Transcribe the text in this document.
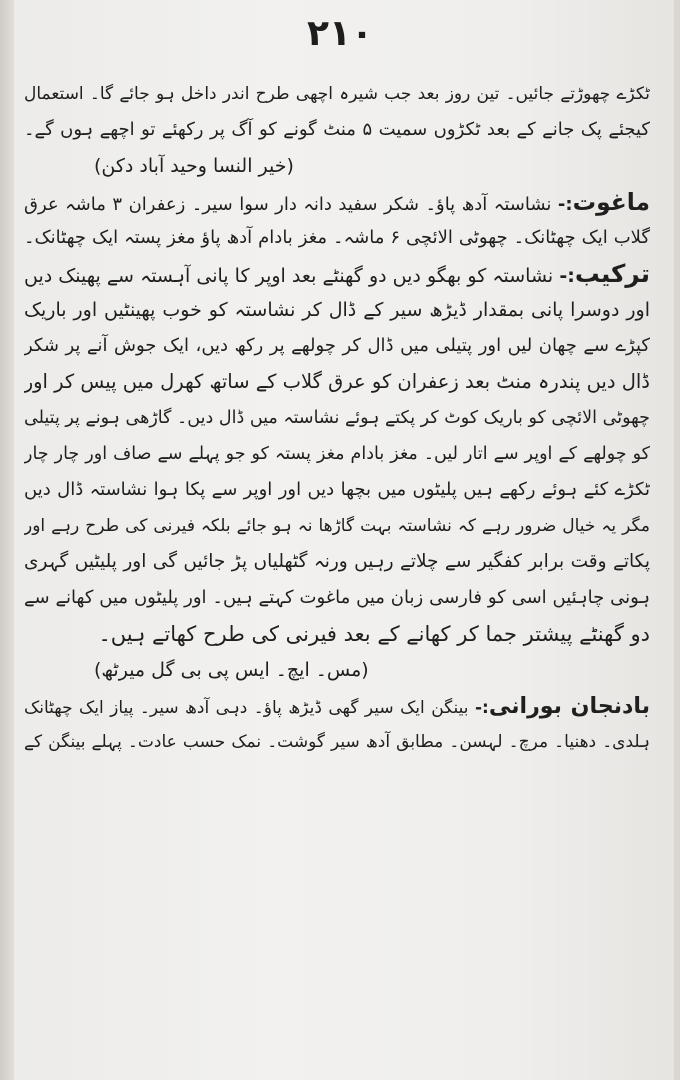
۲۱۰
ٹکڑے چھوڑتے جائیں۔ تین روز بعد جب شیرہ اچھی طرح اندر داخل ہو جائے گا۔ استعمال
کیجئے پک جانے کے بعد ٹکڑوں سمیت ۵ منٹ گونے کو آگ پر رکھئے تو اچھے ہوں گے۔
(خیر النسا وحید آباد دکن)
ماغوت:- نشاستہ آدھ پاؤ۔ شکر سفید دانہ دار سوا سیر۔ زعفران ۳ ماشہ عرق
گلاب ایک چھٹانک۔ چھوٹی الائچی ۶ ماشہ۔ مغز بادام آدھ پاؤ مغز پستہ ایک چھٹانک۔
ترکیب:- نشاستہ کو بھگو دیں دو گھنٹے بعد اوپر کا پانی آہستہ سے پھینک دیں
اور دوسرا پانی بمقدار ڈیڑھ سیر کے ڈال کر نشاستہ کو خوب پھینٹیں اور باریک
کپڑے سے چھان لیں اور پتیلی میں ڈال کر چولھے پر رکھ دیں، ایک جوش آنے پر شکر
ڈال دیں پندرہ منٹ بعد زعفران کو عرق گلاب کے ساتھ کھرل میں پیس کر اور
چھوٹی الائچی کو باریک کوٹ کر پکتے ہوئے نشاستہ میں ڈال دیں۔ گاڑھی ہونے پر پتیلی
کو چولھے کے اوپر سے اتار لیں۔ مغز بادام مغز پستہ کو جو پہلے سے صاف اور چار چار
ٹکڑے کئے ہوئے رکھے ہیں پلیٹوں میں بچھا دیں اور اوپر سے پکا ہوا نشاستہ ڈال دیں
مگر یہ خیال ضرور رہے کہ نشاستہ بہت گاڑھا نہ ہو جائے بلکہ فیرنی کی طرح رہے اور
پکاتے وقت برابر کفگیر سے چلاتے رہیں ورنہ گٹھلیاں پڑ جائیں گی اور پلیٹیں گہری
ہونی چاہئیں اسی کو فارسی زبان میں ماغوت کہتے ہیں۔ اور پلیٹوں میں کھانے سے
دو گھنٹے پیشتر جما کر کھانے کے بعد فیرنی کی طرح کھاتے ہیں۔
(مس۔ ایچ۔ ایس پی بی گل میرٹھ)
بادنجان بورانی:- بینگن ایک سیر گھی ڈیڑھ پاؤ۔ دہی آدھ سیر۔ پیاز ایک چھٹانک
ہلدی۔ دھنیا۔ مرچ۔ لہسن۔ مطابق آدھ سیر گوشت۔ نمک حسب عادت۔ پہلے بینگن کے
